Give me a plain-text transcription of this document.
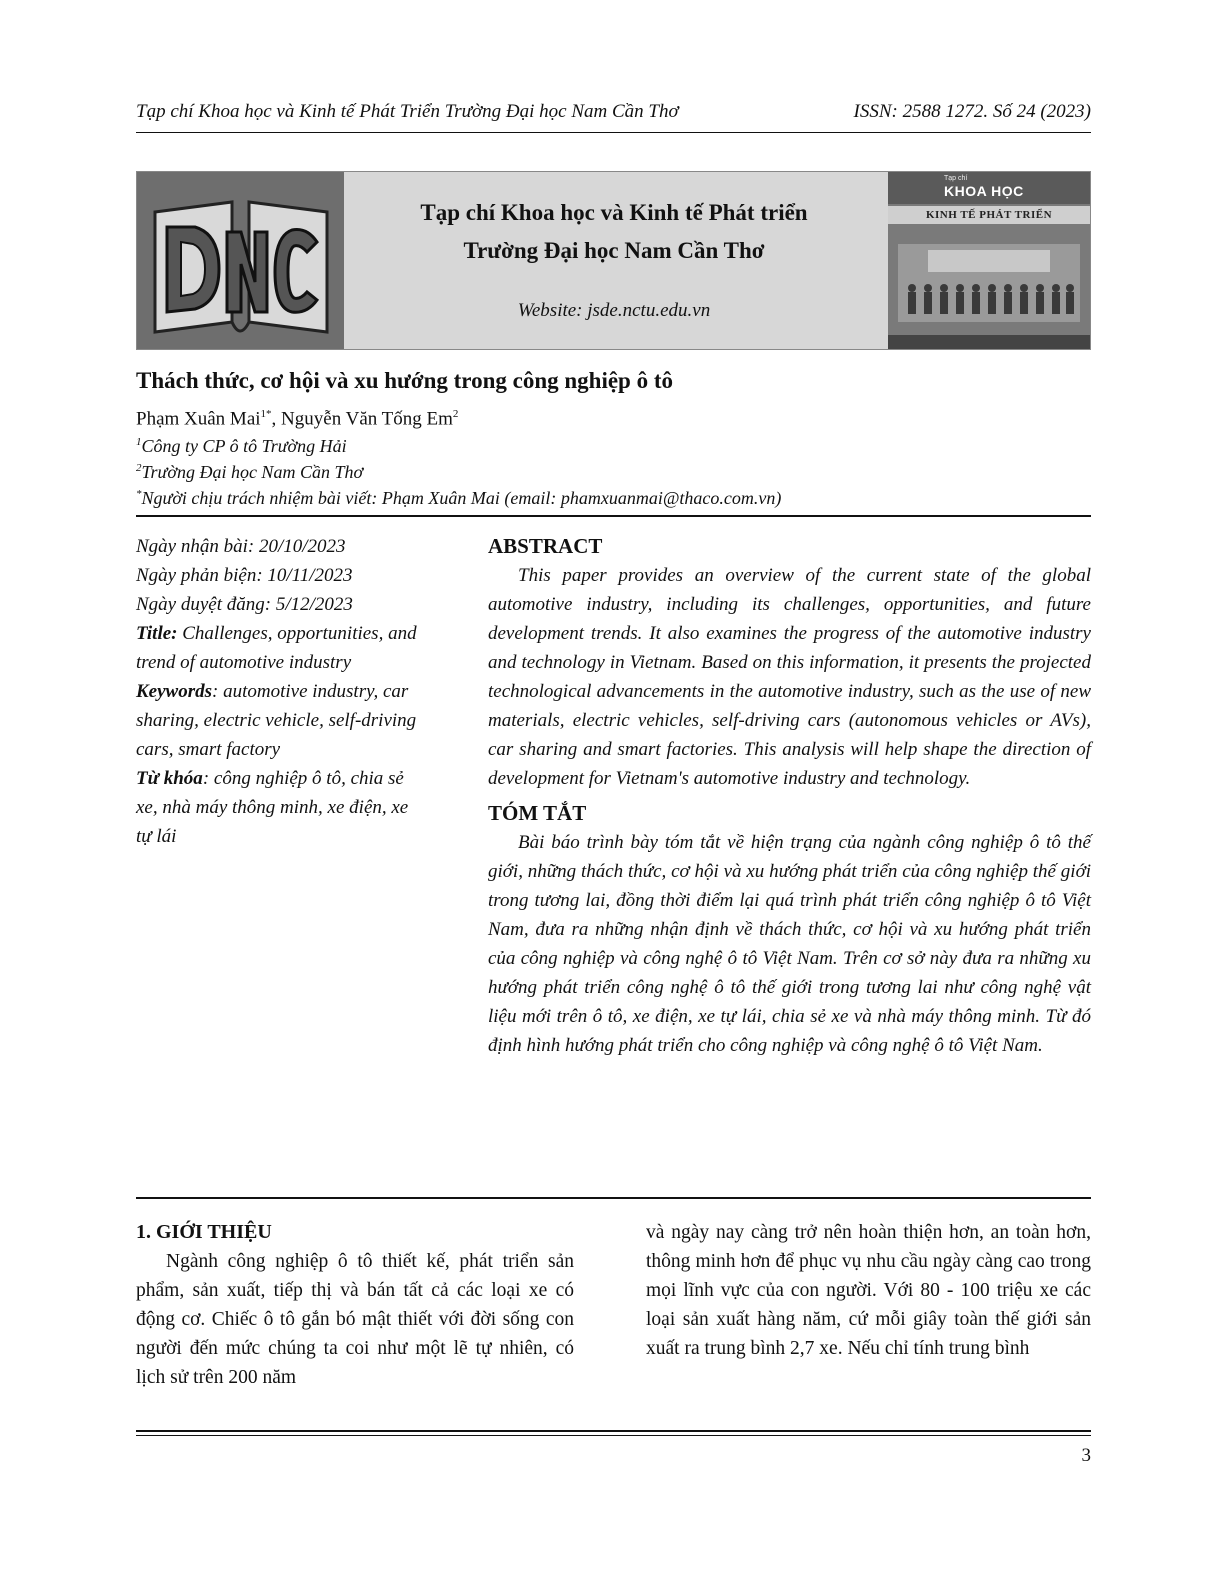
Tạp chí Khoa học và Kinh tế Phát Triển Trường Đại học Nam Cần Thơ	ISSN: 2588 1272. Số 24 (2023)
Tạp chí Khoa học và Kinh tế Phát triển
Trường Đại học Nam Cần Thơ
Website: jsde.nctu.edu.vn
Tạp chí
KHOA HỌC
KINH TẾ PHÁT TRIỂN
Thách thức, cơ hội và xu hướng trong công nghiệp ô tô
Phạm Xuân Mai$^{1*}$, Nguyễn Văn Tống Em$^2$
$^1$Công ty CP ô tô Trường Hải
$^2$Trường Đại học Nam Cần Thơ
*Người chịu trách nhiệm bài viết: Phạm Xuân Mai (email: phamxuanmai@thaco.com.vn)
Ngày nhận bài: 20/10/2023
Ngày phản biện: 10/11/2023
Ngày duyệt đăng: 5/12/2023
Title: Challenges, opportunities, and trend of automotive industry
Keywords: automotive industry, car sharing, electric vehicle, self-driving cars, smart factory
Từ khóa: công nghiệp ô tô, chia sẻ xe, nhà máy thông minh, xe điện, xe tự lái
ABSTRACT

This paper provides an overview of the current state of the global automotive industry, including its challenges, opportunities, and future development trends. It also examines the progress of the automotive industry and technology in Vietnam. Based on this information, it presents the projected technological advancements in the automotive industry, such as the use of new materials, electric vehicles, self-driving cars (autonomous vehicles or AVs), car sharing and smart factories. This analysis will help shape the direction of development for Vietnam's automotive industry and technology.

TÓM TẮT

Bài báo trình bày tóm tắt về hiện trạng của ngành công nghiệp ô tô thế giới, những thách thức, cơ hội và xu hướng phát triển của công nghiệp thế giới trong tương lai, đồng thời điểm lại quá trình phát triển công nghiệp ô tô Việt Nam, đưa ra những nhận định về thách thức, cơ hội và xu hướng phát triển của công nghiệp và công nghệ ô tô Việt Nam. Trên cơ sở này đưa ra những xu hướng phát triển công nghệ ô tô thế giới trong tương lai như công nghệ vật liệu mới trên ô tô, xe điện, xe tự lái, chia sẻ xe và nhà máy thông minh. Từ đó định hình hướng phát triển cho công nghiệp và công nghệ ô tô Việt Nam.

1. GIỚI THIỆU

Ngành công nghiệp ô tô thiết kế, phát triển sản phẩm, sản xuất, tiếp thị và bán tất cả các loại xe có động cơ. Chiếc ô tô gắn bó mật thiết với đời sống con người đến mức chúng ta coi như một lẽ tự nhiên, có lịch sử trên 200 năm

và ngày nay càng trở nên hoàn thiện hơn, an toàn hơn, thông minh hơn để phục vụ nhu cầu ngày càng cao trong mọi lĩnh vực của con người. Với 80 - 100 triệu xe các loại sản xuất hàng năm, cứ mỗi giây toàn thế giới sản xuất ra trung bình 2,7 xe. Nếu chỉ tính trung bình

3
